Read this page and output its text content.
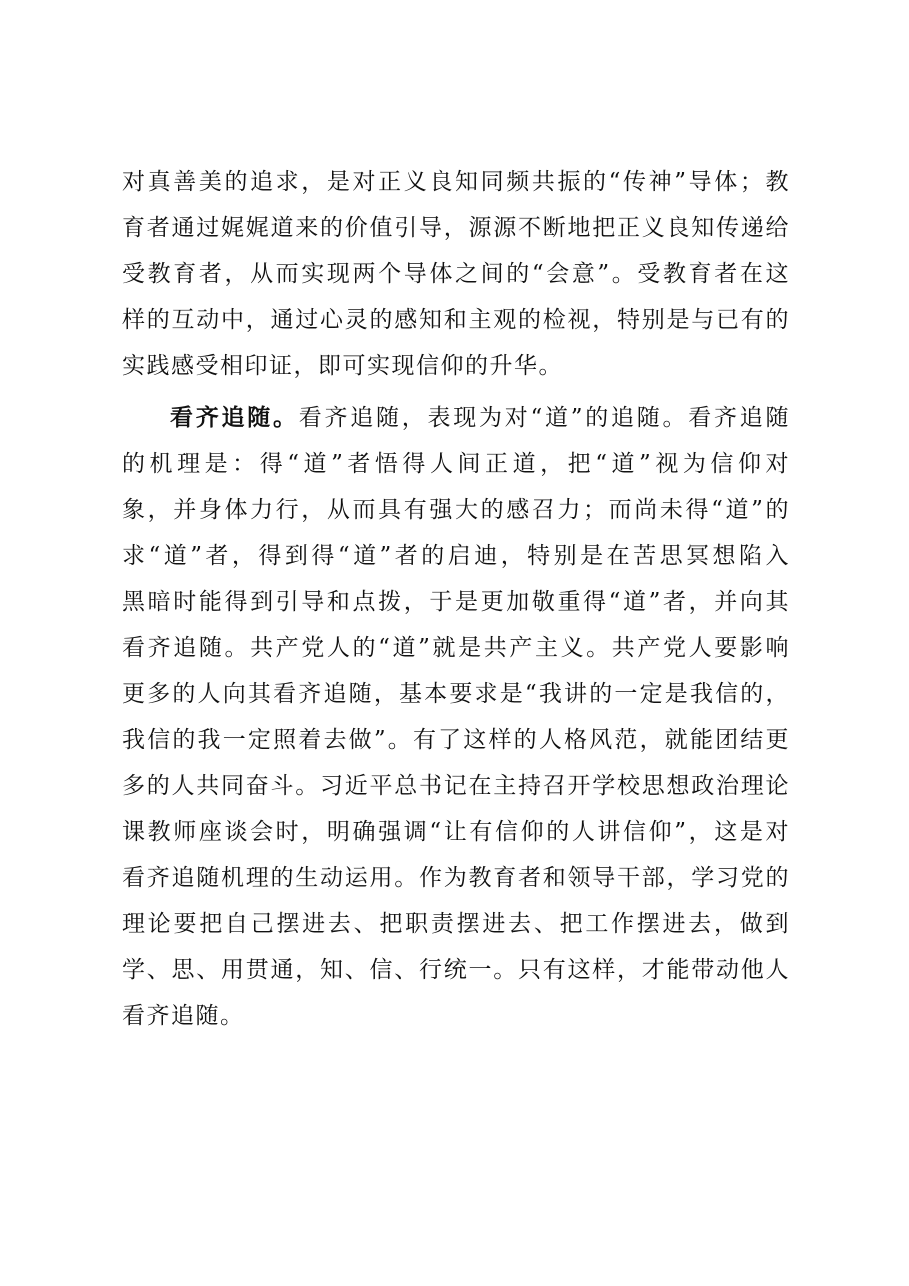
对真善美的追求，是对正义良知同频共振的“传神”导体；教
育者通过娓娓道来的价值引导，源源不断地把正义良知传递给
受教育者，从而实现两个导体之间的“会意”。受教育者在这
样的互动中，通过心灵的感知和主观的检视，特别是与已有的
实践感受相印证，即可实现信仰的升华。
看齐追随。看齐追随，表现为对“道”的追随。看齐追随
的机理是：得“道”者悟得人间正道，把“道”视为信仰对
象，并身体力行，从而具有强大的感召力；而尚未得“道”的
求“道”者，得到得“道”者的启迪，特别是在苦思冥想陷入
黑暗时能得到引导和点拨，于是更加敬重得“道”者，并向其
看齐追随。共产党人的“道”就是共产主义。共产党人要影响
更多的人向其看齐追随，基本要求是“我讲的一定是我信的，
我信的我一定照着去做”。有了这样的人格风范，就能团结更
多的人共同奋斗。习近平总书记在主持召开学校思想政治理论
课教师座谈会时，明确强调“让有信仰的人讲信仰”，这是对
看齐追随机理的生动运用。作为教育者和领导干部，学习党的
理论要把自己摆进去、把职责摆进去、把工作摆进去，做到
学、思、用贯通，知、信、行统一。只有这样，才能带动他人
看齐追随。
